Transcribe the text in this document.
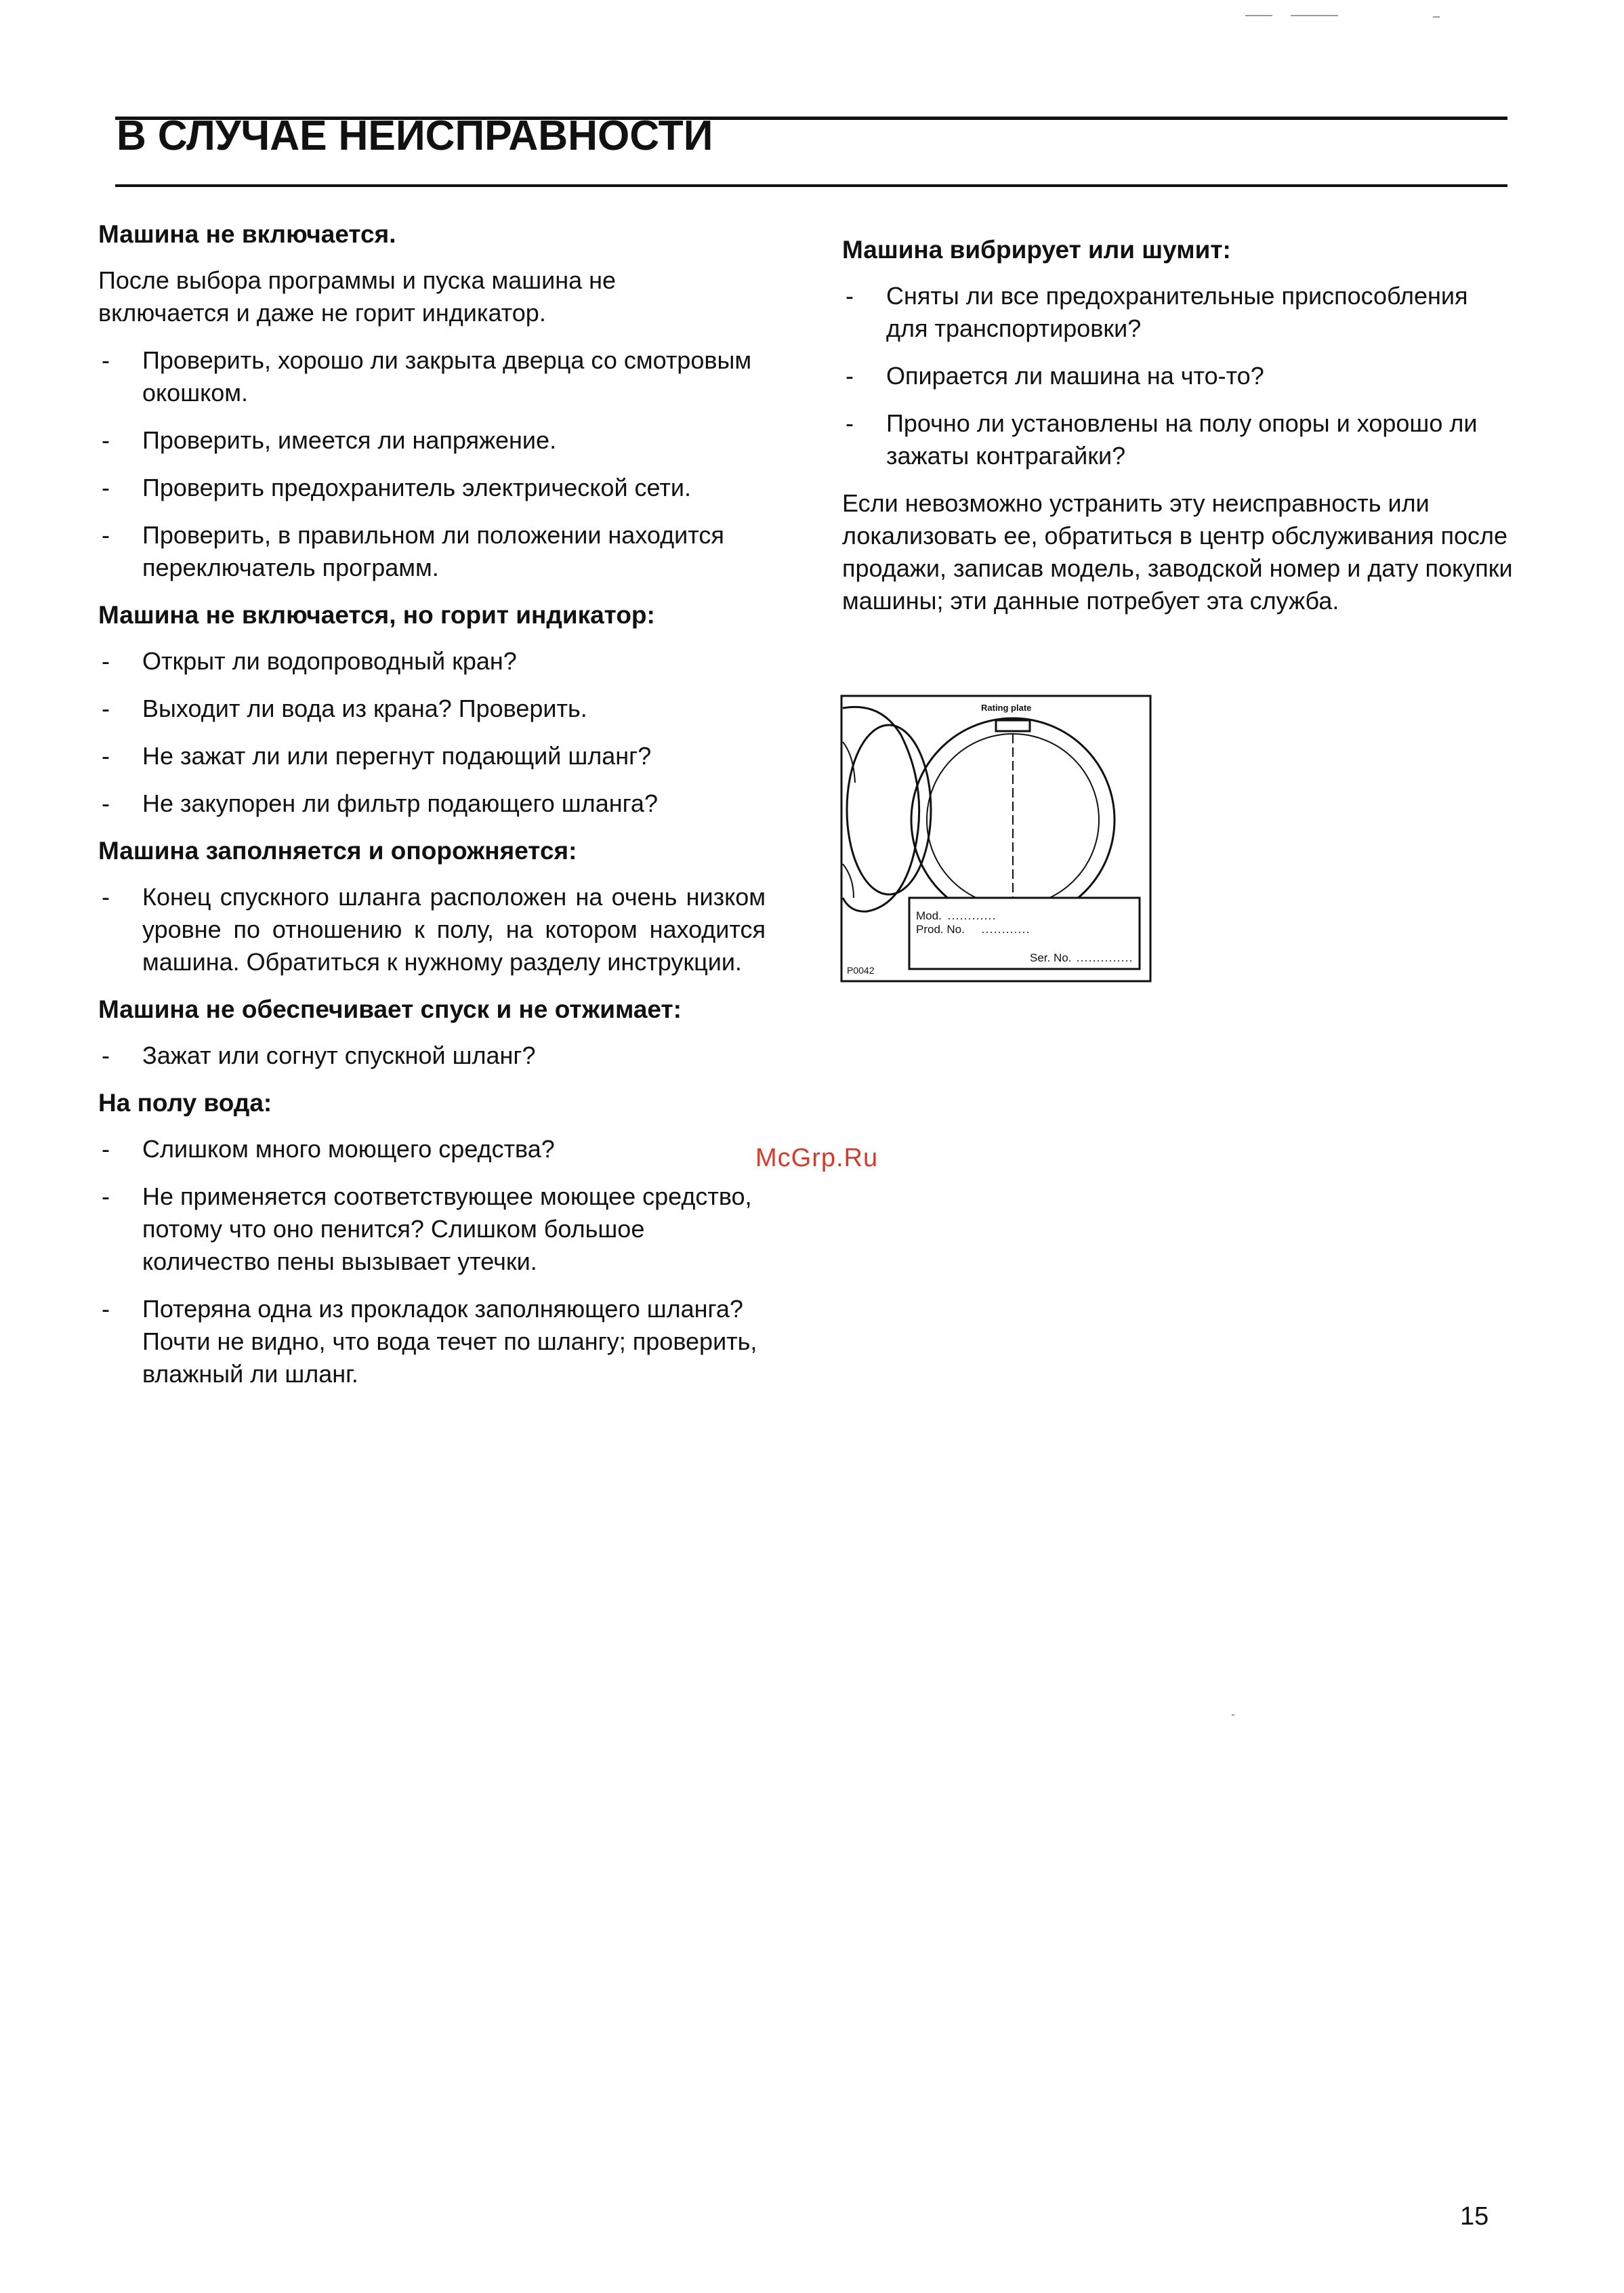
В СЛУЧАЕ НЕИСПРАВНОСТИ
Машина не включается.
После выбора программы и пуска машина не включается и даже не горит индикатор.
- Проверить, хорошо ли закрыта дверца со смотровым окошком.
- Проверить, имеется ли напряжение.
- Проверить предохранитель электрической сети.
- Проверить, в правильном ли положении находится переключатель программ.
Машина не включается, но горит индикатор:
- Открыт ли водопроводный кран?
- Выходит ли вода из крана? Проверить.
- Не зажат ли или перегнут подающий шланг?
- Не закупорен ли фильтр подающего шланга?
Машина заполняется и опорожняется:
- Конец спускного шланга расположен на очень низком уровне по отношению к полу, на котором находится машина. Обратиться к нужному разделу инструкции.
Машина не обеспечивает спуск и не отжимает:
- Зажат или согнут спускной шланг?
На полу вода:
- Слишком много моющего средства?
- Не применяется соответствующее моющее средство, потому что оно пенится? Слишком большое количество пены вызывает утечки.
- Потеряна одна из прокладок заполняющего шланга? Почти не видно, что вода течет по шлангу; проверить, влажный ли шланг.
Машина вибрирует или шумит:
- Сняты ли все предохранительные приспособления для транспортировки?
- Опирается ли машина на что-то?
- Прочно ли установлены на полу опоры и хорошо ли зажаты контрагайки?
Если невозможно устранить эту неисправность или локализовать ее, обратиться в центр обслуживания после продажи, записав модель, заводской номер и дату покупки машины; эти данные потребует эта служба.
Rating plate
Mod.
Prod. No.
Ser. No.
P0042
McGrp.Ru
15
